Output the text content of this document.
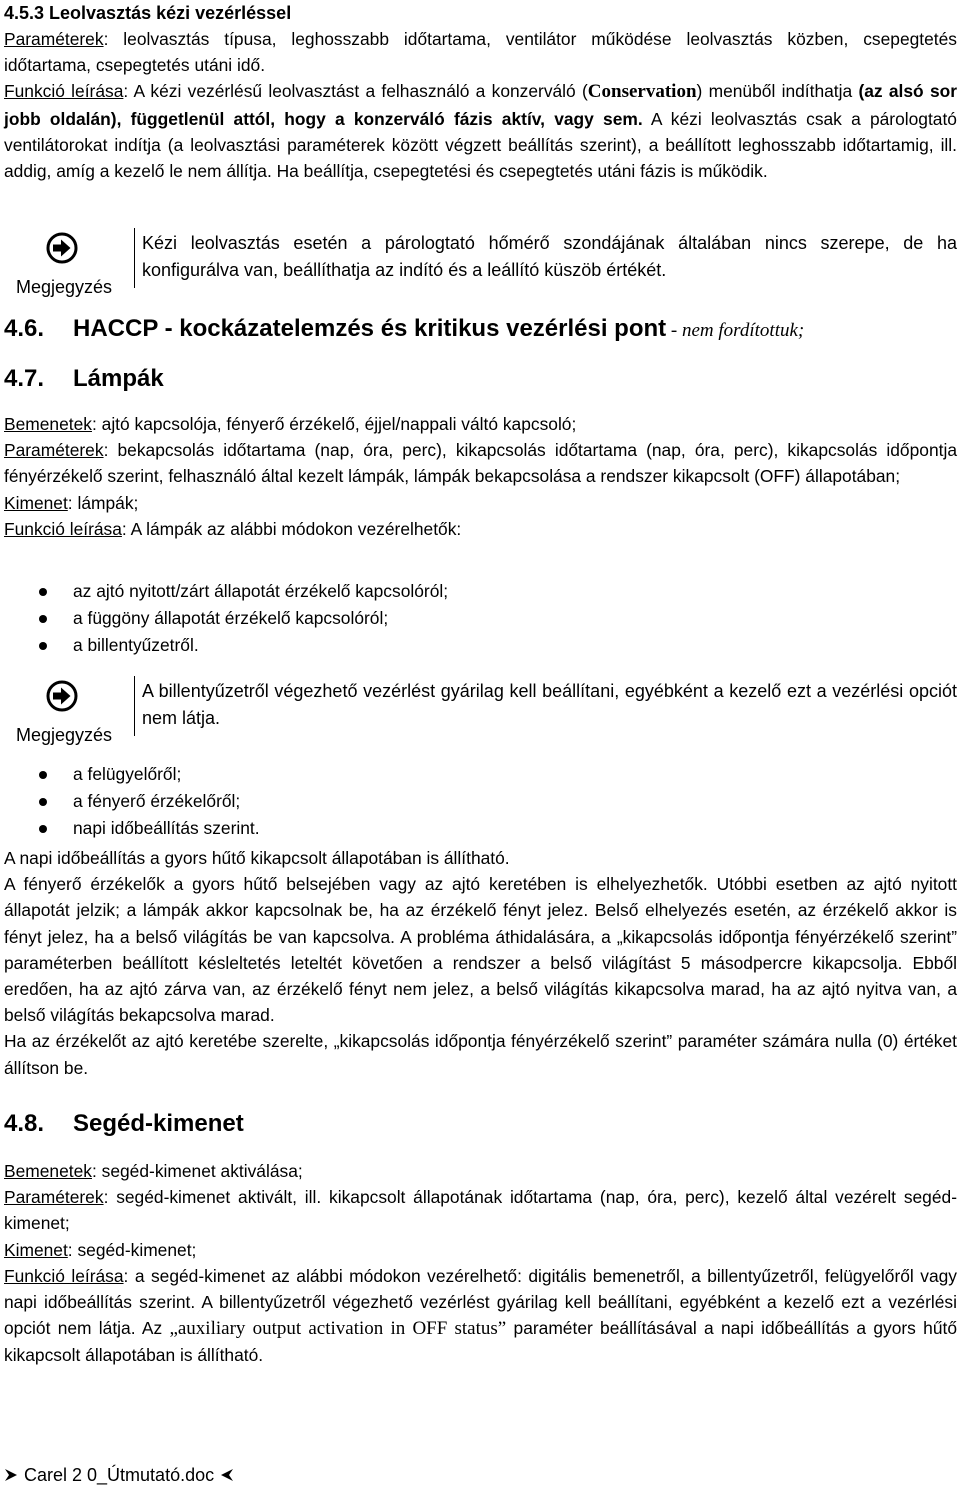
4.5.3 Leolvasztás kézi vezérléssel
Paraméterek: leolvasztás típusa, leghosszabb időtartama, ventilátor működése leolvasztás közben, csepegtetés időtartama, csepegtetés utáni idő.
Funkció leírása: A kézi vezérlésű leolvasztást a felhasználó a konzerváló (Conservation) menüből indíthatja (az alsó sor jobb oldalán), függetlenül attól, hogy a konzerváló fázis aktív, vagy sem. A kézi leolvasztás csak a párologtató ventilátorokat indítja (a leolvasztási paraméterek között végzett beállítás szerint), a beállított leghosszabb időtartamig, ill. addig, amíg a kezelő le nem állítja. Ha beállítja, csepegtetési és csepegtetés utáni fázis is működik.
Megjegyzés
Kézi leolvasztás esetén a párologtató hőmérő szondájának általában nincs szerepe, de ha konfigurálva van, beállíthatja az indító és a leállító küszöb értékét.
4.6. HACCP - kockázatelemzés és kritikus vezérlési pont - nem fordítottuk;
4.7. Lámpák
Bemenetek: ajtó kapcsolója, fényerő érzékelő, éjjel/nappali váltó kapcsoló;
Paraméterek: bekapcsolás időtartama (nap, óra, perc), kikapcsolás időtartama (nap, óra, perc), kikapcsolás időpontja fényérzékelő szerint, felhasználó által kezelt lámpák, lámpák bekapcsolása a rendszer kikapcsolt (OFF) állapotában;
Kimenet: lámpák;
Funkció leírása: A lámpák az alábbi módokon vezérelhetők:
az ajtó nyitott/zárt állapotát érzékelő kapcsolóról;
a függöny állapotát érzékelő kapcsolóról;
a billentyűzetről.
Megjegyzés
A billentyűzetről végezhető vezérlést gyárilag kell beállítani, egyébként a kezelő ezt a vezérlési opciót nem látja.
a felügyelőről;
a fényerő érzékelőről;
napi időbeállítás szerint.
A napi időbeállítás a gyors hűtő kikapcsolt állapotában is állítható.
A fényerő érzékelők a gyors hűtő belsejében vagy az ajtó keretében is elhelyezhetők. Utóbbi esetben az ajtó nyitott állapotát jelzik; a lámpák akkor kapcsolnak be, ha az érzékelő fényt jelez. Belső elhelyezés esetén, az érzékelő akkor is fényt jelez, ha a belső világítás be van kapcsolva. A probléma áthidalására, a „kikapcsolás időpontja fényérzékelő szerint” paraméterben beállított késleltetés leteltét követően a rendszer a belső világítást 5 másodpercre kikapcsolja. Ebből eredően, ha az ajtó zárva van, az érzékelő fényt nem jelez, a belső világítás kikapcsolva marad, ha az ajtó nyitva van, a belső világítás bekapcsolva marad.
Ha az érzékelőt az ajtó keretébe szerelte, „kikapcsolás időpontja fényérzékelő szerint” paraméter számára nulla (0) értéket állítson be.
4.8. Segéd-kimenet
Bemenetek: segéd-kimenet aktiválása;
Paraméterek: segéd-kimenet aktivált, ill. kikapcsolt állapotának időtartama (nap, óra, perc), kezelő által vezérelt segéd-kimenet;
Kimenet: segéd-kimenet;
Funkció leírása: a segéd-kimenet az alábbi módokon vezérelhető: digitális bemenetről, a billentyűzetről, felügyelőről vagy napi időbeállítás szerint. A billentyűzetről végezhető vezérlést gyárilag kell beállítani, egyébként a kezelő ezt a vezérlési opciót nem látja. Az „auxiliary output activation in OFF status” paraméter beállításával a napi időbeállítás a gyors hűtő kikapcsolt állapotában is állítható.
Carel 2 0_Útmutató.doc
